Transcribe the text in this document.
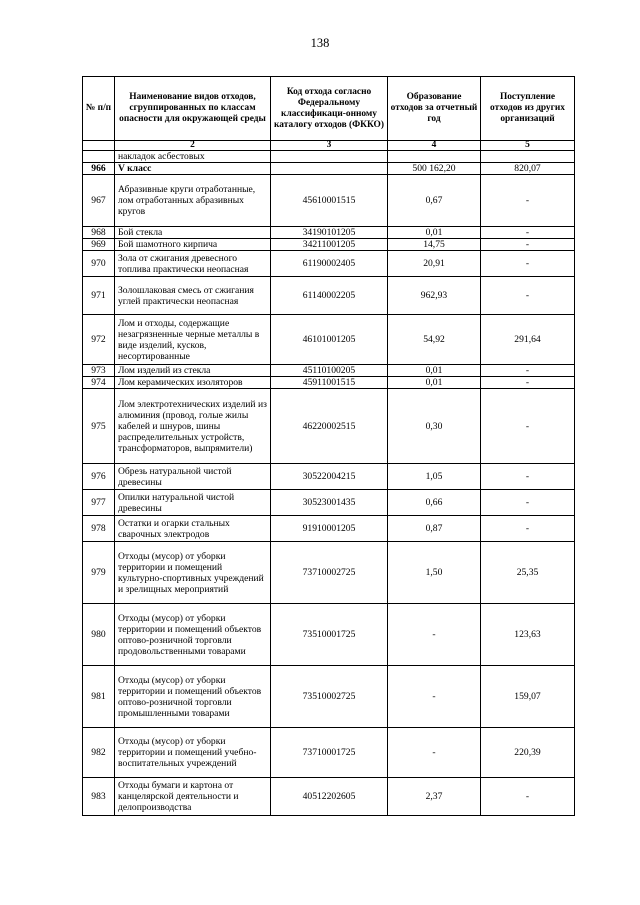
138
№ п/п	Наименование видов отходов, сгруппированных по классам опасности для окружающей среды	Код отхода согласно Федеральному классификаци-онному каталогу отходов (ФККО)	Образование отходов за отчетный год	Поступление отходов из других организаций
	2	3	4	5
	накладок асбестовых			
966	V класс		500 162,20	820,07
967	Абразивные круги отработанные, лом отработанных абразивных кругов	45610001515	0,67	-
968	Бой стекла	34190101205	0,01	-
969	Бой шамотного кирпича	34211001205	14,75	-
970	Зола от сжигания древесного топлива практически неопасная	61190002405	20,91	-
971	Золошлаковая смесь от сжигания углей практически неопасная	61140002205	962,93	-
972	Лом и отходы, содержащие незагрязненные черные металлы в виде изделий, кусков, несортированные	46101001205	54,92	291,64
973	Лом изделий из стекла	45110100205	0,01	-
974	Лом керамических изоляторов	45911001515	0,01	-
975	Лом электротехнических изделий из алюминия (провод, голые жилы кабелей и шнуров, шины распределительных устройств, трансформаторов, выпрямители)	46220002515	0,30	-
976	Обрезь натуральной чистой древесины	30522004215	1,05	-
977	Опилки натуральной чистой древесины	30523001435	0,66	-
978	Остатки и огарки стальных сварочных электродов	91910001205	0,87	-
979	Отходы (мусор) от уборки территории и помещений культурно-спортивных учреждений и зрелищных мероприятий	73710002725	1,50	25,35
980	Отходы (мусор) от уборки территории и помещений объектов оптово-розничной торговли продовольственными товарами	73510001725	-	123,63
981	Отходы (мусор) от уборки территории и помещений объектов оптово-розничной торговли промышленными товарами	73510002725	-	159,07
982	Отходы (мусор) от уборки территории и помещений учебно-воспитательных учреждений	73710001725	-	220,39
983	Отходы бумаги и картона от канцелярской деятельности и делопроизводства	40512202605	2,37	-
